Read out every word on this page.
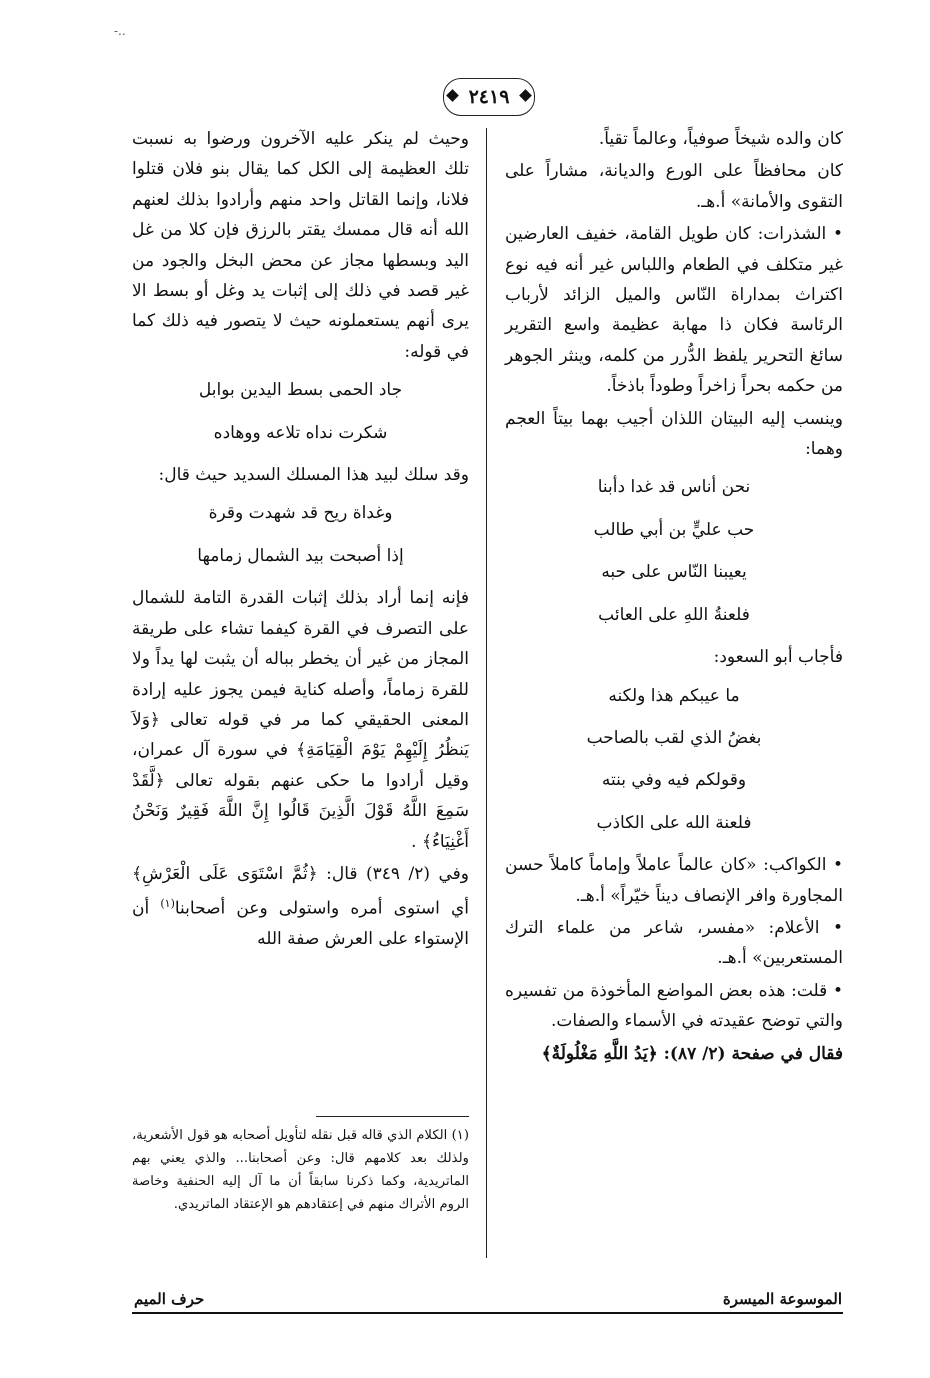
-..
٢٤١٩

كان والده شيخاً صوفياً، وعالماً تقياً.

كان محافظاً على الورع والديانة، مشاراً على التقوى والأمانة» أ.هـ.

• الشذرات: كان طويل القامة، خفيف العارضين غير متكلف في الطعام واللباس غير أنه فيه نوع اكتراث بمداراة النّاس والميل الزائد لأرباب الرئاسة فكان ذا مهابة عظيمة واسع التقرير سائغ التحرير يلفظ الدُّرر من كلمه، وينثر الجوهر من حكمه بحراً زاخراً وطوداً باذخاً.

وينسب إليه البيتان اللذان أجيب بهما بيتاً العجم وهما:

نحن أناس قد غدا دأبنا

حب عليٍّ بن أبي طالب

يعيبنا النّاس على حبه

فلعنةُ اللهِ على العائب

فأجاب أبو السعود:

ما عيبكم هذا ولكنه

بغضُ الذي لقب بالصاحب

وقولكم فيه وفي بنته

فلعنة الله على الكاذب

• الكواكب: «كان عالماً عاملاً وإماماً كاملاً حسن المجاورة وافر الإنصاف ديناً خيّراً» أ.هـ.

• الأعلام: «مفسر، شاعر من علماء الترك المستعربين» أ.هـ.

• قلت: هذه بعض المواضع المأخوذة من تفسيره والتي توضح عقيدته في الأسماء والصفات.

فقال في صفحة (٢/ ٨٧): ﴿يَدُ اللَّهِ مَغْلُولَةٌ﴾

وحيث لم ينكر عليه الآخرون ورضوا به نسبت تلك العظيمة إلى الكل كما يقال بنو فلان قتلوا فلانا، وإنما القاتل واحد منهم وأرادوا بذلك لعنهم الله أنه قال ممسك يقتر بالرزق فإن كلا من غل اليد وبسطها مجاز عن محض البخل والجود من غير قصد في ذلك إلى إثبات يد وغل أو بسط الا يرى أنهم يستعملونه حيث لا يتصور فيه ذلك كما في قوله:

جاد الحمى بسط اليدين بوابل

شكرت نداه تلاعه ووهاده

وقد سلك لبيد هذا المسلك السديد حيث قال:

وغداة ريح قد شهدت وقرة

إذا أصبحت بيد الشمال زمامها

فإنه إنما أراد بذلك إثبات القدرة التامة للشمال على التصرف في القرة كيفما تشاء على طريقة المجاز من غير أن يخطر بباله أن يثبت لها يداً ولا للقرة زماماً، وأصله كناية فيمن يجوز عليه إرادة المعنى الحقيقي كما مر في قوله تعالى ﴿وَلاَ يَنظُرُ إِلَيْهِمْ يَوْمَ الْقِيَامَةِ﴾ في سورة آل عمران، وقيل أرادوا ما حكى عنهم بقوله تعالى ﴿لَّقَدْ سَمِعَ اللَّهُ قَوْلَ الَّذِينَ قَالُوا إِنَّ اللَّهَ فَقِيرٌ وَنَحْنُ أَغْنِيَاءُ﴾ .

وفي (٢/ ٣٤٩) قال: ﴿ثُمَّ اسْتَوَى عَلَى الْعَرْشِ﴾ أي استوى أمره واستولى وعن أصحابنا$^{(١)}$ أن الإستواء على العرش صفة الله

(١) الكلام الذي قاله قبل نقله لتأويل أصحابه هو قول الأشعرية، ولذلك بعد كلامهم قال: وعن أصحابنا... والذي يعني بهم الماتريدية، وكما ذكرنا سابقاً أن ما آل إليه الحنفية وخاصة الروم الأتراك منهم في إعتقادهم هو الإعتقاد الماتريدي.
الموسوعة الميسرة
حرف الميم
